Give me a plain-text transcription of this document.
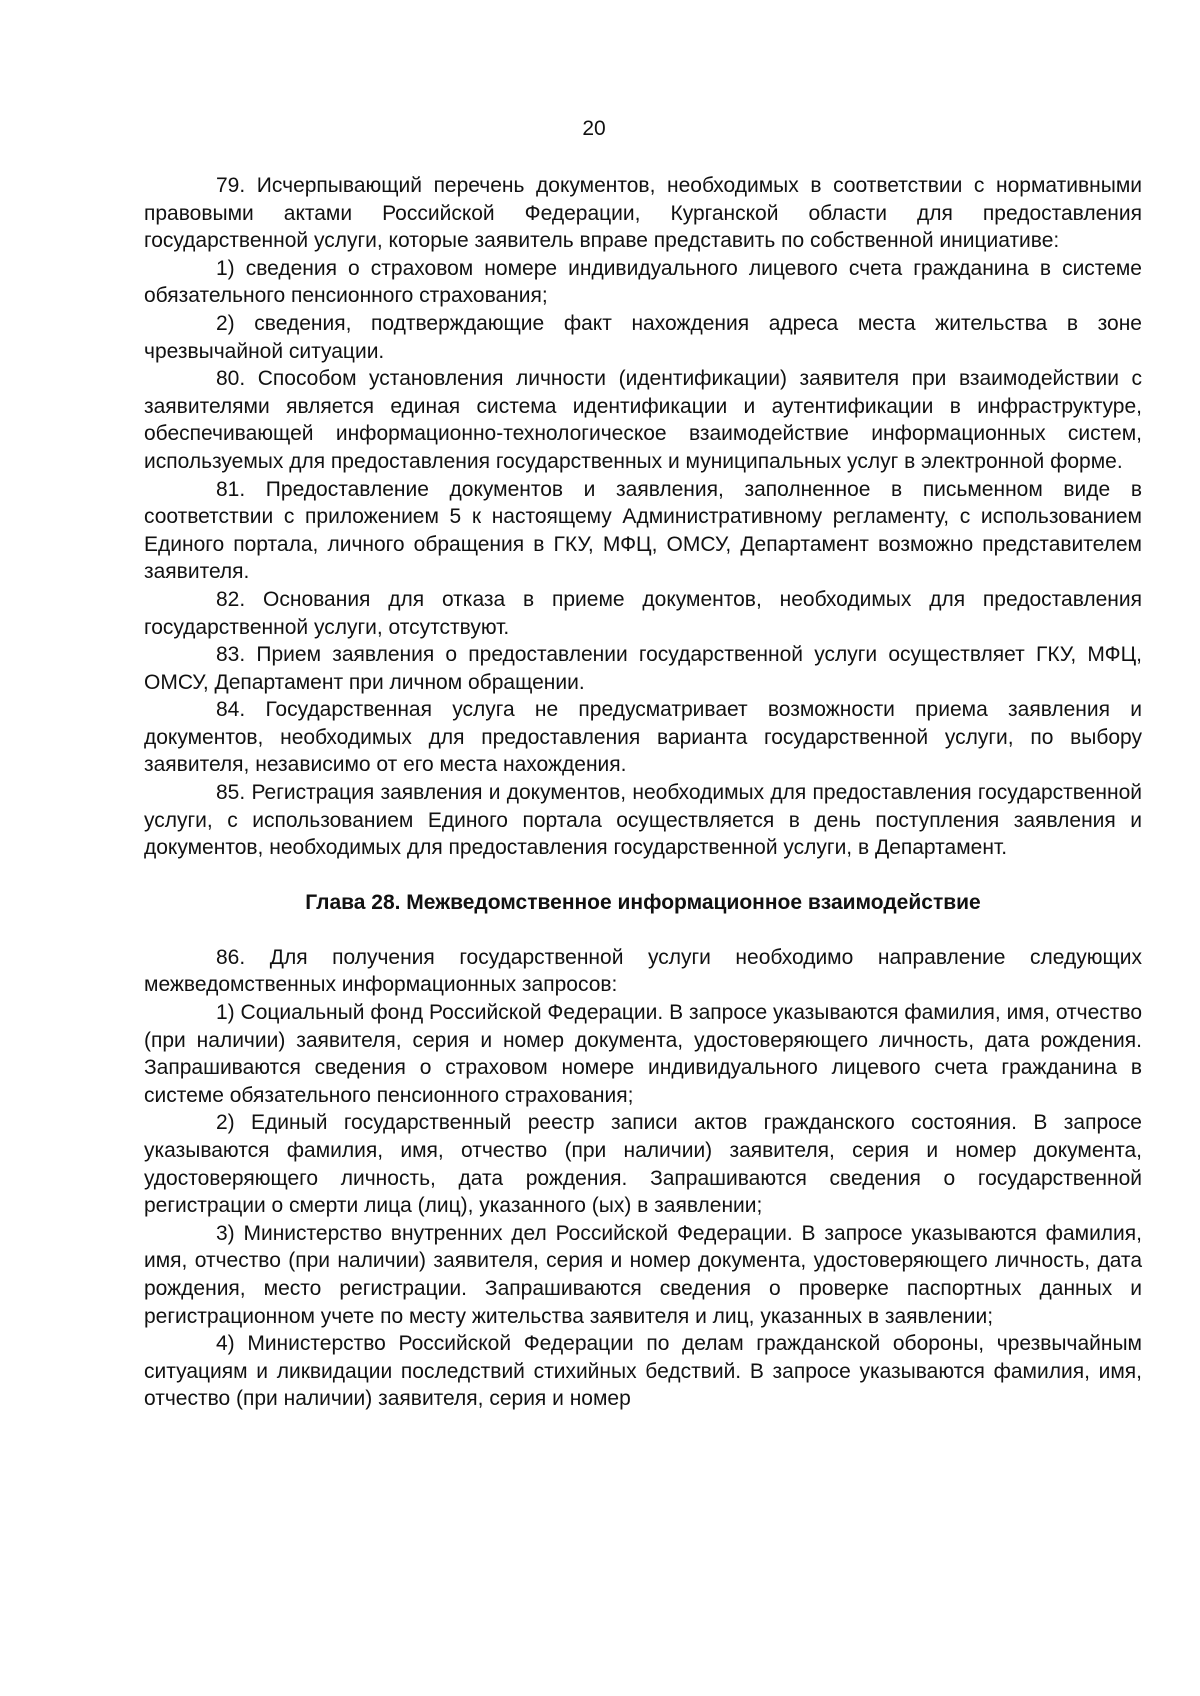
20

79. Исчерпывающий перечень документов, необходимых в соответствии с нормативными правовыми актами Российской Федерации, Курганской области для предоставления государственной услуги, которые заявитель вправе представить по собственной инициативе:

1) сведения о страховом номере индивидуального лицевого счета гражданина в системе обязательного пенсионного страхования;

2) сведения, подтверждающие факт нахождения адреса места жительства в зоне чрезвычайной ситуации.

80. Способом установления личности (идентификации) заявителя при взаимодействии с заявителями является единая система идентификации и аутентификации в инфраструктуре, обеспечивающей информационно-технологическое взаимодействие информационных систем, используемых для предоставления государственных и муниципальных услуг в электронной форме.

81. Предоставление документов и заявления, заполненное в письменном виде в соответствии с приложением 5 к настоящему Административному регламенту, с использованием Единого портала, личного обращения в ГКУ, МФЦ, ОМСУ, Департамент возможно представителем заявителя.

82. Основания для отказа в приеме документов, необходимых для предоставления государственной услуги, отсутствуют.

83. Прием заявления о предоставлении государственной услуги осуществляет ГКУ, МФЦ, ОМСУ, Департамент при личном обращении.

84. Государственная услуга не предусматривает возможности приема заявления и документов, необходимых для предоставления варианта государственной услуги, по выбору заявителя, независимо от его места нахождения.

85. Регистрация заявления и документов, необходимых для предоставления государственной услуги, с использованием Единого портала осуществляется в день поступления заявления и документов, необходимых для предоставления государственной услуги, в Департамент.

Глава 28. Межведомственное информационное взаимодействие

86. Для получения государственной услуги необходимо направление следующих межведомственных информационных запросов:

1) Социальный фонд Российской Федерации. В запросе указываются фамилия, имя, отчество (при наличии) заявителя, серия и номер документа, удостоверяющего личность, дата рождения. Запрашиваются сведения о страховом номере индивидуального лицевого счета гражданина в системе обязательного пенсионного страхования;

2) Единый государственный реестр записи актов гражданского состояния. В запросе указываются фамилия, имя, отчество (при наличии) заявителя, серия и номер документа, удостоверяющего личность, дата рождения. Запрашиваются сведения о государственной регистрации о смерти лица (лиц), указанного (ых) в заявлении;

3) Министерство внутренних дел Российской Федерации. В запросе указываются фамилия, имя, отчество (при наличии) заявителя, серия и номер документа, удостоверяющего личность, дата рождения, место регистрации. Запрашиваются сведения о проверке паспортных данных и регистрационном учете по месту жительства заявителя и лиц, указанных в заявлении;

4) Министерство Российской Федерации по делам гражданской обороны, чрезвычайным ситуациям и ликвидации последствий стихийных бедствий. В запросе указываются фамилия, имя, отчество (при наличии) заявителя, серия и номер
